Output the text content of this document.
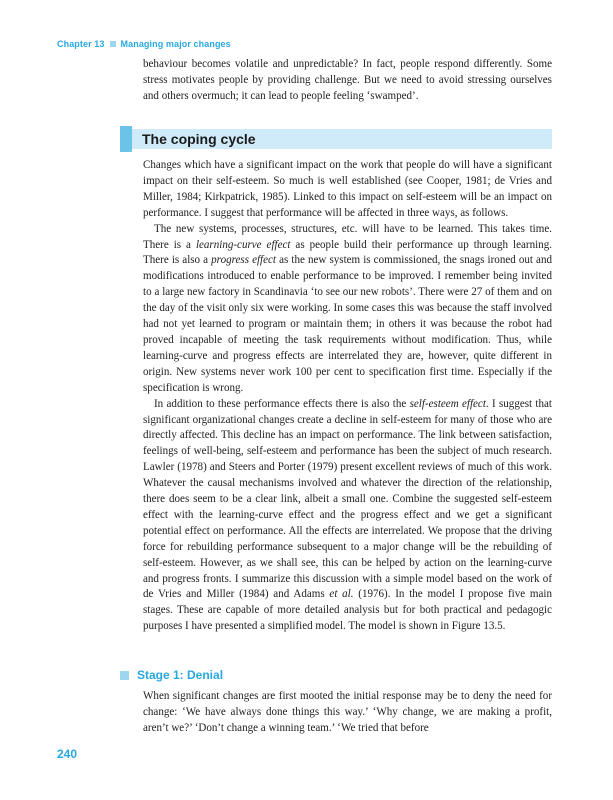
Chapter 13 Managing major changes

behaviour becomes volatile and unpredictable? In fact, people respond differently. Some stress motivates people by providing challenge. But we need to avoid stressing ourselves and others overmuch; it can lead to people feeling ‘swamped’.

The coping cycle

Changes which have a significant impact on the work that people do will have a significant impact on their self-esteem. So much is well established (see Cooper, 1981; de Vries and Miller, 1984; Kirkpatrick, 1985). Linked to this impact on self-esteem will be an impact on performance. I suggest that performance will be affected in three ways, as follows.

The new systems, processes, structures, etc. will have to be learned. This takes time. There is a learning-curve effect as people build their performance up through learning. There is also a progress effect as the new system is commissioned, the snags ironed out and modifications introduced to enable performance to be improved. I remember being invited to a large new factory in Scandinavia ‘to see our new robots’. There were 27 of them and on the day of the visit only six were working. In some cases this was because the staff involved had not yet learned to program or maintain them; in others it was because the robot had proved incapable of meeting the task requirements without modification. Thus, while learning-curve and progress effects are interrelated they are, however, quite different in origin. New systems never work 100 per cent to specification first time. Especially if the specification is wrong.

In addition to these performance effects there is also the self-esteem effect. I suggest that significant organizational changes create a decline in self-esteem for many of those who are directly affected. This decline has an impact on performance. The link between satisfaction, feelings of well-being, self-esteem and performance has been the subject of much research. Lawler (1978) and Steers and Porter (1979) present excellent reviews of much of this work. Whatever the causal mechanisms involved and whatever the direction of the relationship, there does seem to be a clear link, albeit a small one. Combine the suggested self-esteem effect with the learning-curve effect and the progress effect and we get a significant potential effect on performance. All the effects are interrelated. We propose that the driving force for rebuilding performance subsequent to a major change will be the rebuilding of self-esteem. However, as we shall see, this can be helped by action on the learning-curve and progress fronts. I summarize this discussion with a simple model based on the work of de Vries and Miller (1984) and Adams et al. (1976). In the model I propose five main stages. These are capable of more detailed analysis but for both practical and pedagogic purposes I have presented a simplified model. The model is shown in Figure 13.5.

Stage 1: Denial

When significant changes are first mooted the initial response may be to deny the need for change: ‘We have always done things this way.’ ‘Why change, we are making a profit, aren’t we?’ ‘Don’t change a winning team.’ ‘We tried that before

240
